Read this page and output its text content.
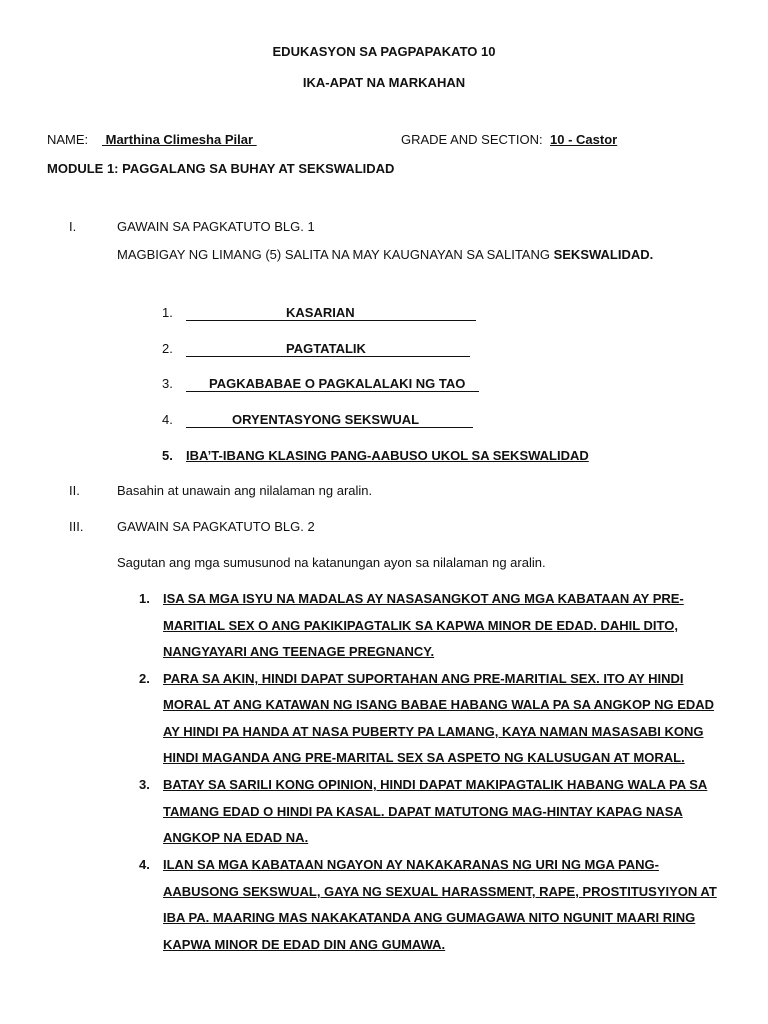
EDUKASYON SA PAGPAPAKATO 10
IKA-APAT NA MARKAHAN
NAME: Marthina Climesha Pilar	GRADE AND SECTION: 10 - Castor
MODULE 1: PAGGALANG SA BUHAY AT SEKSWALIDAD
I.	GAWAIN SA PAGKATUTO BLG. 1
MAGBIGAY NG LIMANG (5) SALITA NA MAY KAUGNAYAN SA SALITANG SEKSWALIDAD.
1.	KASARIAN
2.	PAGTATALIK
3.	PAGKABABAE O PAGKALALAKI NG TAO
4.	ORYENTASYONG SEKSWUAL
5. IBA’T-IBANG KLASING PANG-AABUSO UKOL SA SEKSWALIDAD
II.	Basahin at unawain ang nilalaman ng aralin.
III.	GAWAIN SA PAGKATUTO BLG. 2
Sagutan ang mga sumusunod na katanungan ayon sa nilalaman ng aralin.
1. ISA SA MGA ISYU NA MADALAS AY NASASANGKOT ANG MGA KABATAAN AY PRE-
MARITIAL SEX O ANG PAKIKIPAGTALIK SA KAPWA MINOR DE EDAD. DAHIL DITO,
NANGYAYARI ANG TEENAGE PREGNANCY.
2. PARA SA AKIN, HINDI DAPAT SUPORTAHAN ANG PRE-MARITIAL SEX. ITO AY HINDI
MORAL AT ANG KATAWAN NG ISANG BABAE HABANG WALA PA SA ANGKOP NG EDAD
AY HINDI PA HANDA AT NASA PUBERTY PA LAMANG, KAYA NAMAN MASASABI KONG
HINDI MAGANDA ANG PRE-MARITAL SEX SA ASPETO NG KALUSUGAN AT MORAL.
3. BATAY SA SARILI KONG OPINION, HINDI DAPAT MAKIPAGTALIK HABANG WALA PA SA
TAMANG EDAD O HINDI PA KASAL. DAPAT MATUTONG MAG-HINTAY KAPAG NASA
ANGKOP NA EDAD NA.
4. ILAN SA MGA KABATAAN NGAYON AY NAKAKARANAS NG URI NG MGA PANG-
AABUSONG SEKSWUAL, GAYA NG SEXUAL HARASSMENT, RAPE, PROSTITUSYIYON AT
IBA PA. MAARING MAS NAKAKATANDA ANG GUMAGAWA NITO NGUNIT MAARI RING
KAPWA MINOR DE EDAD DIN ANG GUMAWA.
